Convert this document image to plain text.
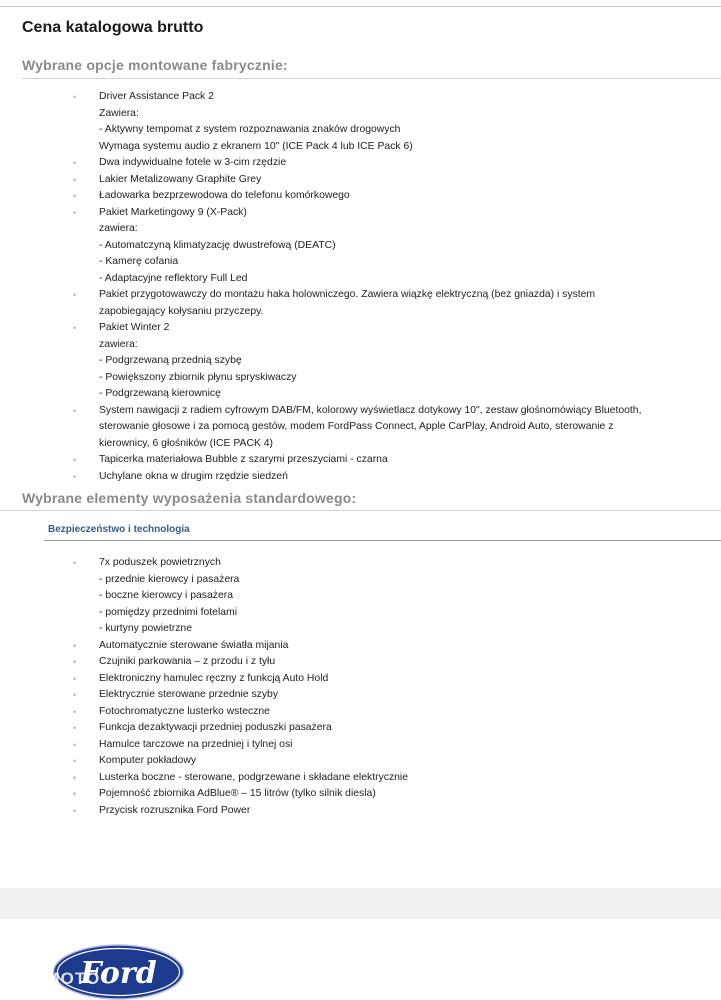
Cena katalogowa brutto
Wybrane opcje montowane fabrycznie:
• Driver Assistance Pack 2
Zawiera:
- Aktywny tempomat z system rozpoznawania znaków drogowych
Wymaga systemu audio z ekranem 10" (ICE Pack 4 lub ICE Pack 6)
• Dwa indywidualne fotele w 3-cim rzędzie
• Lakier Metalizowany Graphite Grey
• Ładowarka bezprzewodowa do telefonu komórkowego
• Pakiet Marketingowy 9 (X-Pack)
zawiera:
- Automatczyną klimatyzację dwustrefową (DEATC)
- Kamerę cofania
- Adaptacyjne reflektory Full Led
• Pakiet przygotowawczy do montażu haka holowniczego. Zawiera wiązkę elektryczną (bez gniazda) i system
zapobiegający kołysaniu przyczepy.
• Pakiet Winter 2
zawiera:
- Podgrzewaną przednią szybę
- Powiększony zbiornik płynu spryskiwaczy
- Podgrzewaną kierownicę
• System nawigacji z radiem cyfrowym DAB/FM, kolorowy wyświetlacz dotykowy 10", zestaw głośnomówiący Bluetooth,
sterowanie głosowe i za pomocą gestów, modem FordPass Connect, Apple CarPlay, Android Auto, sterowanie z
kierownicy, 6 głośników (ICE PACK 4)
• Tapicerka materiałowa Bubble z szarymi przeszyciami - czarna
• Uchylane okna w drugim rzędzie siedzeń
Wybrane elementy wyposażenia standardowego:
Bezpieczeństwo i technologia
• 7x poduszek powietrznych
- przednie kierowcy i pasażera
- boczne kierowcy i pasażera
- pomiędzy przednimi fotelami
- kurtyny powietrzne
• Automatycznie sterowane światła mijania
• Czujniki parkowania – z przodu i z tyłu
• Elektroniczny hamulec ręczny z funkcją Auto Hold
• Elektrycznie sterowane przednie szyby
• Fotochromatyczne lusterko wsteczne
• Funkcja dezaktywacji przedniej poduszki pasażera
• Hamulce tarczowe na przedniej i tylnej osi
• Komputer pokładowy
• Lusterka boczne - sterowane, podgrzewane i składane elektrycznie
• Pojemność zbiornika AdBlue® – 15 litrów (tylko silnik diesla)
• Przycisk rozrusznika Ford Power
Ford
OTOMOTO
